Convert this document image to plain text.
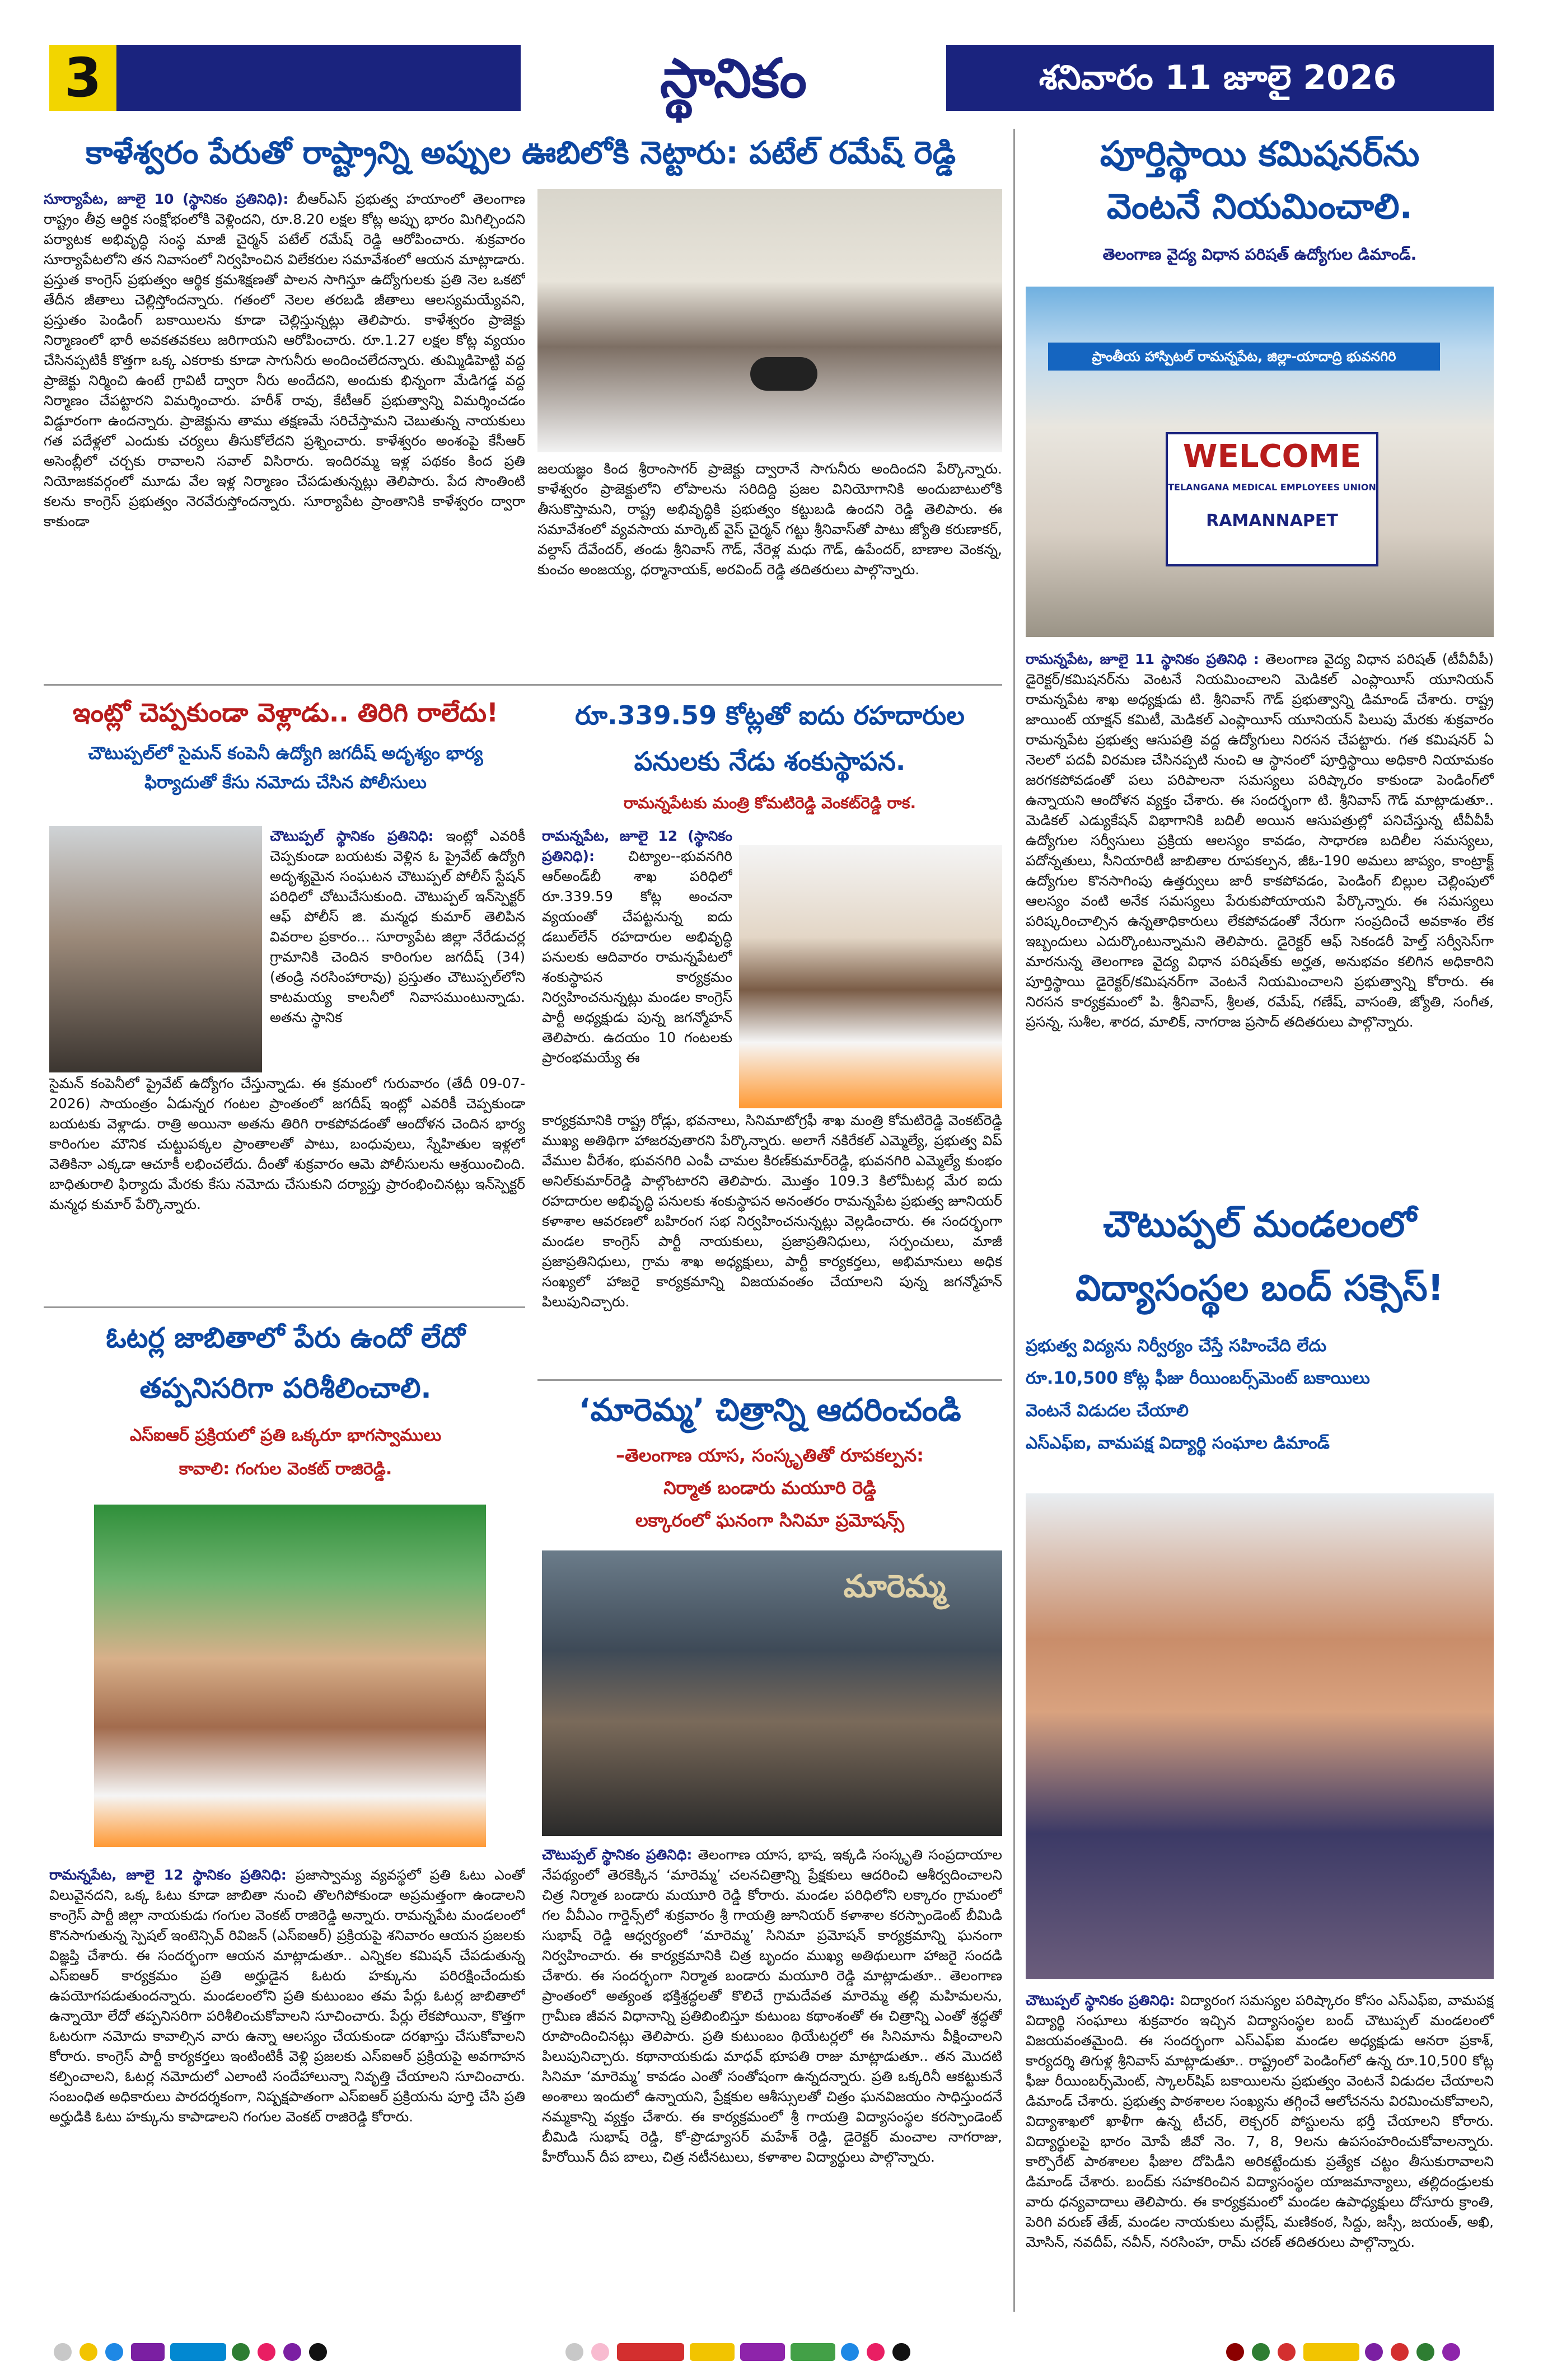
3	స్థానికం	శనివారం 11 జూలై 2026
కాళేశ్వరం పేరుతో రాష్ట్రాన్ని అప్పుల ఊబిలోకి నెట్టారు: పటేల్ రమేష్ రెడ్డి
సూర్యాపేట, జూలై 10 (స్థానికం ప్రతినిధి): బీఆర్ఎస్ ప్రభుత్వ హయాంలో తెలంగాణ రాష్ట్రం తీవ్ర ఆర్థిక సంక్షోభంలోకి వెళ్లిందని, రూ.8.20 లక్షల కోట్ల అప్పు భారం మిగిల్చిందని పర్యాటక అభివృద్ధి సంస్థ మాజీ చైర్మన్ పటేల్ రమేష్ రెడ్డి ఆరోపించారు. శుక్రవారం సూర్యాపేటలోని తన నివాసంలో నిర్వహించిన విలేకరుల సమావేశంలో ఆయన మాట్లాడారు. ప్రస్తుత కాంగ్రెస్ ప్రభుత్వం ఆర్థిక క్రమశిక్షణతో పాలన సాగిస్తూ ఉద్యోగులకు ప్రతి నెల ఒకటో తేదీన జీతాలు చెల్లిస్తోందన్నారు. గతంలో నెలల తరబడి జీతాలు ఆలస్యమయ్యేవని, ప్రస్తుతం పెండింగ్ బకాయిలను కూడా చెల్లిస్తున్నట్లు తెలిపారు. కాళేశ్వరం ప్రాజెక్టు నిర్మాణంలో భారీ అవకతవకలు జరిగాయని ఆరోపించారు. రూ.1.27 లక్షల కోట్ల వ్యయం చేసినప్పటికీ కొత్తగా ఒక్క ఎకరాకు కూడా సాగునీరు అందించలేదన్నారు. తుమ్మిడిహెట్టి వద్ద ప్రాజెక్టు నిర్మించి ఉంటే గ్రావిటీ ద్వారా నీరు అందేదని, అందుకు భిన్నంగా మేడిగడ్డ వద్ద నిర్మాణం చేపట్టారని విమర్శించారు. హరీశ్ రావు, కేటీఆర్ ప్రభుత్వాన్ని విమర్శించడం విడ్డూరంగా ఉందన్నారు. ప్రాజెక్టును తాము తక్షణమే సరిచేస్తామని చెబుతున్న నాయకులు గత పదేళ్లలో ఎందుకు చర్యలు తీసుకోలేదని ప్రశ్నించారు. కాళేశ్వరం అంశంపై కేసీఆర్ అసెంబ్లీలో చర్చకు రావాలని సవాల్ విసిరారు. ఇందిరమ్మ ఇళ్ల పథకం కింద ప్రతి నియోజకవర్గంలో మూడు వేల ఇళ్ల నిర్మాణం చేపడుతున్నట్లు తెలిపారు. పేద సొంతింటి కలను కాంగ్రెస్ ప్రభుత్వం నెరవేరుస్తోందన్నారు. సూర్యాపేట ప్రాంతానికి కాళేశ్వరం ద్వారా కాకుండా
జలయజ్ఞం కింద శ్రీరాంసాగర్ ప్రాజెక్టు ద్వారానే సాగునీరు అందిందని పేర్కొన్నారు. కాళేశ్వరం ప్రాజెక్టులోని లోపాలను సరిదిద్ది ప్రజల వినియోగానికి అందుబాటులోకి తీసుకొస్తామని, రాష్ట్ర అభివృద్ధికి ప్రభుత్వం కట్టుబడి ఉందని రెడ్డి తెలిపారు. ఈ సమావేశంలో వ్యవసాయ మార్కెట్ వైస్ చైర్మన్ గట్టు శ్రీనివాస్‌తో పాటు జ్యోతి కరుణాకర్, వల్దాస్ దేవేందర్, తండు శ్రీనివాస్ గౌడ్, నేరెళ్ల మధు గౌడ్, ఉపేందర్, బాణాల వెంకన్న, కుంచం అంజయ్య, ధర్మానాయక్, అరవింద్ రెడ్డి తదితరులు పాల్గొన్నారు.
పూర్తిస్థాయి కమిషనర్‌ను
వెంటనే నియమించాలి.
తెలంగాణ వైద్య విధాన పరిషత్ ఉద్యోగుల డిమాండ్.
ప్రాంతీయ హాస్పిటల్ రామన్నపేట, జిల్లా-యాదాద్రి భువనగిరి
WELCOME
TELANGANA MEDICAL EMPLOYEES UNION
RAMANNAPET
రామన్నపేట, జూలై 11 స్థానికం ప్రతినిధి : తెలంగాణ వైద్య విధాన పరిషత్ (టీవీవీపీ) డైరెక్టర్/కమిషనర్‌ను వెంటనే నియమించాలని మెడికల్ ఎంప్లాయీస్ యూనియన్ రామన్నపేట శాఖ అధ్యక్షుడు టి. శ్రీనివాస్ గౌడ్ ప్రభుత్వాన్ని డిమాండ్ చేశారు. రాష్ట్ర జాయింట్ యాక్షన్ కమిటీ, మెడికల్ ఎంప్లాయీస్ యూనియన్ పిలుపు మేరకు శుక్రవారం రామన్నపేట ప్రభుత్వ ఆసుపత్రి వద్ద ఉద్యోగులు నిరసన చేపట్టారు. గత కమిషనర్ ఏ నెలలో పదవీ విరమణ చేసినప్పటి నుంచి ఆ స్థానంలో పూర్తిస్థాయి అధికారి నియామకం జరగకపోవడంతో పలు పరిపాలనా సమస్యలు పరిష్కారం కాకుండా పెండింగ్‌లో ఉన్నాయని ఆందోళన వ్యక్తం చేశారు. ఈ సందర్భంగా టి. శ్రీనివాస్ గౌడ్ మాట్లాడుతూ.. మెడికల్ ఎడ్యుకేషన్ విభాగానికి బదిలీ అయిన ఆసుపత్రుల్లో పనిచేస్తున్న టీవీవీపీ ఉద్యోగుల సర్వీసులు ప్రక్రియ ఆలస్యం కావడం, సాధారణ బదిలీల సమస్యలు, పదోన్నతులు, సీనియారిటీ జాబితాల రూపకల్పన, జీఓ-190 అమలు జాప్యం, కాంట్రాక్ట్ ఉద్యోగుల కొనసాగింపు ఉత్తర్వులు జారీ కాకపోవడం, పెండింగ్ బిల్లుల చెల్లింపులో ఆలస్యం వంటి అనేక సమస్యలు పేరుకుపోయాయని పేర్కొన్నారు. ఈ సమస్యలు పరిష్కరించాల్సిన ఉన్నతాధికారులు లేకపోవడంతో నేరుగా సంప్రదించే అవకాశం లేక ఇబ్బందులు ఎదుర్కొంటున్నామని తెలిపారు. డైరెక్టర్ ఆఫ్ సెకండరీ హెల్త్ సర్వీసెస్‌గా మారనున్న తెలంగాణ వైద్య విధాన పరిషత్‌కు అర్హత, అనుభవం కలిగిన అధికారిని పూర్తిస్థాయి డైరెక్టర్/కమిషనర్‌గా వెంటనే నియమించాలని ప్రభుత్వాన్ని కోరారు. ఈ నిరసన కార్యక్రమంలో పి. శ్రీనివాస్, శ్రీలత, రమేష్, గణేష్, వాసంతి, జ్యోతి, సంగీత, ప్రసన్న, సుశీల, శారద, మాలిక్, నాగరాజ ప్రసాద్ తదితరులు పాల్గొన్నారు.
ఇంట్లో చెప్పకుండా వెళ్లాడు.. తిరిగి రాలేదు!
చౌటుప్పల్‌లో సైమన్ కంపెనీ ఉద్యోగి జగదీష్ అదృశ్యం భార్య ఫిర్యాదుతో కేసు నమోదు చేసిన పోలీసులు
చౌటుప్పల్ స్థానికం ప్రతినిధి: ఇంట్లో ఎవరికీ చెప్పకుండా బయటకు వెళ్లిన ఓ ప్రైవేట్ ఉద్యోగి అదృశ్యమైన సంఘటన చౌటుప్పల్ పోలీస్ స్టేషన్ పరిధిలో చోటుచేసుకుంది. చౌటుప్పల్ ఇన్‌స్పెక్టర్ ఆఫ్ పోలీస్ జి. మన్మధ కుమార్ తెలిపిన వివరాల ప్రకారం... సూర్యాపేట జిల్లా నేరేడుచర్ల గ్రామానికి చెందిన కారింగుల జగదీష్ (34) (తండ్రి నరసింహారావు) ప్రస్తుతం చౌటుప్పల్‌లోని కాటమయ్య కాలనీలో నివాసముంటున్నాడు. అతను స్థానిక
సైమన్ కంపెనీలో ప్రైవేట్ ఉద్యోగం చేస్తున్నాడు. ఈ క్రమంలో గురువారం (తేదీ 09-07-2026) సాయంత్రం ఏడున్నర గంటల ప్రాంతంలో జగదీష్ ఇంట్లో ఎవరికీ చెప్పకుండా బయటకు వెళ్లాడు. రాత్రి అయినా అతను తిరిగి రాకపోవడంతో ఆందోళన చెందిన భార్య కారింగుల మౌనిక చుట్టుపక్కల ప్రాంతాలతో పాటు, బంధువులు, స్నేహితుల ఇళ్లలో వెతికినా ఎక్కడా ఆచూకీ లభించలేదు. దీంతో శుక్రవారం ఆమె పోలీసులను ఆశ్రయించింది. బాధితురాలి ఫిర్యాదు మేరకు కేసు నమోదు చేసుకుని దర్యాప్తు ప్రారంభించినట్లు ఇన్‌స్పెక్టర్ మన్మధ కుమార్ పేర్కొన్నారు.
రూ.339.59 కోట్లతో ఐదు రహదారుల
పనులకు నేడు శంకుస్థాపన.
రామన్నపేటకు మంత్రి కోమటిరెడ్డి వెంకట్‌రెడ్డి రాక.
రామన్నపేట, జూలై 12 (స్థానికం ప్రతినిధి): చిట్యాల--భువనగిరి ఆర్అండ్‌బీ శాఖ పరిధిలో రూ.339.59 కోట్ల అంచనా వ్యయంతో చేపట్టనున్న ఐదు డబుల్‌లేన్ రహదారుల అభివృద్ధి పనులకు ఆదివారం రామన్నపేటలో శంకుస్థాపన కార్యక్రమం నిర్వహించనున్నట్లు మండల కాంగ్రెస్ పార్టీ అధ్యక్షుడు పున్న జగన్మోహన్ తెలిపారు. ఉదయం 10 గంటలకు ప్రారంభమయ్యే ఈ
కార్యక్రమానికి రాష్ట్ర రోడ్లు, భవనాలు, సినిమాటోగ్రఫీ శాఖ మంత్రి కోమటిరెడ్డి వెంకట్‌రెడ్డి ముఖ్య అతిథిగా హాజరవుతారని పేర్కొన్నారు. అలాగే నకిరేకల్ ఎమ్మెల్యే, ప్రభుత్వ విప్ వేముల వీరేశం, భువనగిరి ఎంపీ చామల కిరణ్‌కుమార్‌రెడ్డి, భువనగిరి ఎమ్మెల్యే కుంభం అనిల్‌కుమార్‌రెడ్డి పాల్గొంటారని తెలిపారు. మొత్తం 109.3 కిలోమీటర్ల మేర ఐదు రహదారుల అభివృద్ధి పనులకు శంకుస్థాపన అనంతరం రామన్నపేట ప్రభుత్వ జూనియర్ కళాశాల ఆవరణలో బహిరంగ సభ నిర్వహించనున్నట్లు వెల్లడించారు. ఈ సందర్భంగా మండల కాంగ్రెస్ పార్టీ నాయకులు, ప్రజాప్రతినిధులు, సర్పంచులు, మాజీ ప్రజాప్రతినిధులు, గ్రామ శాఖ అధ్యక్షులు, పార్టీ కార్యకర్తలు, అభిమానులు అధిక సంఖ్యలో హాజరై కార్యక్రమాన్ని విజయవంతం చేయాలని పున్న జగన్మోహన్ పిలుపునిచ్చారు.
చౌటుప్పల్ మండలంలో
విద్యాసంస్థల బంద్ సక్సెస్!
ప్రభుత్వ విద్యను నిర్వీర్యం చేస్తే సహించేది లేదు
రూ.10,500 కోట్ల ఫీజు రీయింబర్స్‌మెంట్ బకాయిలు
వెంటనే విడుదల చేయాలి
ఎస్ఎఫ్ఐ, వామపక్ష విద్యార్థి సంఘాల డిమాండ్
చౌటుప్పల్ స్థానికం ప్రతినిధి: విద్యారంగ సమస్యల పరిష్కారం కోసం ఎస్ఎఫ్ఐ, వామపక్ష విద్యార్థి సంఘాలు శుక్రవారం ఇచ్చిన విద్యాసంస్థల బంద్ చౌటుప్పల్ మండలంలో విజయవంతమైంది. ఈ సందర్భంగా ఎస్ఎఫ్ఐ మండల అధ్యక్షుడు ఆనరా ప్రకాశ్, కార్యదర్శి తిగుళ్ల శ్రీనివాస్ మాట్లాడుతూ.. రాష్ట్రంలో పెండింగ్‌లో ఉన్న రూ.10,500 కోట్ల ఫీజు రీయింబర్స్‌మెంట్, స్కాలర్‌షిప్ బకాయిలను ప్రభుత్వం వెంటనే విడుదల చేయాలని డిమాండ్ చేశారు. ప్రభుత్వ పాఠశాలల సంఖ్యను తగ్గించే ఆలోచనను విరమించుకోవాలని, విద్యాశాఖలో ఖాళీగా ఉన్న టీచర్, లెక్చరర్ పోస్టులను భర్తీ చేయాలని కోరారు. విద్యార్థులపై భారం మోపే జీవో నెం. 7, 8, 9లను ఉపసంహరించుకోవాలన్నారు. కార్పొరేట్ పాఠశాలల ఫీజుల దోపిడీని అరికట్టేందుకు ప్రత్యేక చట్టం తీసుకురావాలని డిమాండ్ చేశారు. బంద్‌కు సహకరించిన విద్యాసంస్థల యాజమాన్యాలు, తల్లిదండ్రులకు వారు ధన్యవాదాలు తెలిపారు. ఈ కార్యక్రమంలో మండల ఉపాధ్యక్షులు దోసూరు క్రాంతి, పెరిగి వరుణ్ తేజ్, మండల నాయకులు మల్లేష్, మణికంఠ, సిద్దు, జస్సీ, జయంత్, అఖి, మోసిన్, నవదీప్, నవీన్, నరసింహ, రామ్ చరణ్ తదితరులు పాల్గొన్నారు.
ఓటర్ల జాబితాలో పేరు ఉందో లేదో
తప్పనిసరిగా పరిశీలించాలి.
ఎస్ఐఆర్ ప్రక్రియలో ప్రతి ఒక్కరూ భాగస్వాములు
కావాలి: గంగుల వెంకట్ రాజిరెడ్డి.
రామన్నపేట, జూలై 12 స్థానికం ప్రతినిధి: ప్రజాస్వామ్య వ్యవస్థలో ప్రతి ఓటు ఎంతో విలువైనదని, ఒక్క ఓటు కూడా జాబితా నుంచి తొలగిపోకుండా అప్రమత్తంగా ఉండాలని కాంగ్రెస్ పార్టీ జిల్లా నాయకుడు గంగుల వెంకట్ రాజిరెడ్డి అన్నారు. రామన్నపేట మండలంలో కొనసాగుతున్న స్పెషల్ ఇంటెన్సివ్ రివిజన్ (ఎస్ఐఆర్) ప్రక్రియపై శనివారం ఆయన ప్రజలకు విజ్ఞప్తి చేశారు. ఈ సందర్భంగా ఆయన మాట్లాడుతూ.. ఎన్నికల కమిషన్ చేపడుతున్న ఎస్ఐఆర్ కార్యక్రమం ప్రతి అర్హుడైన ఓటరు హక్కును పరిరక్షించేందుకు ఉపయోగపడుతుందన్నారు. మండలంలోని ప్రతి కుటుంబం తమ పేర్లు ఓటర్ల జాబితాలో ఉన్నాయో లేదో తప్పనిసరిగా పరిశీలించుకోవాలని సూచించారు. పేర్లు లేకపోయినా, కొత్తగా ఓటరుగా నమోదు కావాల్సిన వారు ఉన్నా ఆలస్యం చేయకుండా దరఖాస్తు చేసుకోవాలని కోరారు. కాంగ్రెస్ పార్టీ కార్యకర్తలు ఇంటింటికీ వెళ్లి ప్రజలకు ఎస్ఐఆర్ ప్రక్రియపై అవగాహన కల్పించాలని, ఓటర్ల నమోదులో ఎలాంటి సందేహాలున్నా నివృత్తి చేయాలని సూచించారు. సంబంధిత అధికారులు పారదర్శకంగా, నిష్పక్షపాతంగా ఎస్ఐఆర్ ప్రక్రియను పూర్తి చేసి ప్రతి అర్హుడికి ఓటు హక్కును కాపాడాలని గంగుల వెంకట్ రాజిరెడ్డి కోరారు.
‘మారెమ్మ’ చిత్రాన్ని ఆదరించండి
–తెలంగాణ యాస, సంస్కృతితో రూపకల్పన:
నిర్మాత బండారు మయూరి రెడ్డి
లక్కారంలో ఘనంగా సినిమా ప్రమోషన్స్
మారెమ్మ
చౌటుప్పల్ స్థానికం ప్రతినిధి: తెలంగాణ యాస, భాష, ఇక్కడి సంస్కృతి సంప్రదాయాల నేపథ్యంలో తెరకెక్కిన ‘మారెమ్మ’ చలనచిత్రాన్ని ప్రేక్షకులు ఆదరించి ఆశీర్వదించాలని చిత్ర నిర్మాత బండారు మయూరి రెడ్డి కోరారు. మండల పరిధిలోని లక్కారం గ్రామంలో గల వీవీఎం గార్డెన్స్‌లో శుక్రవారం శ్రీ గాయత్రి జూనియర్ కళాశాల కరస్పాండెంట్ బీమిడి సుభాష్ రెడ్డి ఆధ్వర్యంలో ‘మారెమ్మ’ సినిమా ప్రమోషన్ కార్యక్రమాన్ని ఘనంగా నిర్వహించారు. ఈ కార్యక్రమానికి చిత్ర బృందం ముఖ్య అతిథులుగా హాజరై సందడి చేశారు. ఈ సందర్భంగా నిర్మాత బండారు మయూరి రెడ్డి మాట్లాడుతూ.. తెలంగాణ ప్రాంతంలో అత్యంత భక్తిశ్రద్ధలతో కొలిచే గ్రామదేవత మారెమ్మ తల్లి మహిమలను, గ్రామీణ జీవన విధానాన్ని ప్రతిబింబిస్తూ కుటుంబ కథాంశంతో ఈ చిత్రాన్ని ఎంతో శ్రద్ధతో రూపొందించినట్లు తెలిపారు. ప్రతి కుటుంబం థియేటర్లలో ఈ సినిమాను వీక్షించాలని పిలుపునిచ్చారు. కథానాయకుడు మాధవ్ భూపతి రాజు మాట్లాడుతూ.. తన మొదటి సినిమా ‘మారెమ్మ’ కావడం ఎంతో సంతోషంగా ఉన్నదన్నారు. ప్రతి ఒక్కరినీ ఆకట్టుకునే అంశాలు ఇందులో ఉన్నాయని, ప్రేక్షకుల ఆశీస్సులతో చిత్రం ఘనవిజయం సాధిస్తుందనే నమ్మకాన్ని వ్యక్తం చేశారు. ఈ కార్యక్రమంలో శ్రీ గాయత్రి విద్యాసంస్థల కరస్పాండెంట్ బీమిడి సుభాష్ రెడ్డి, కో-ప్రొడ్యూసర్ మహేశ్ రెడ్డి, డైరెక్టర్ మంచాల నాగరాజు, హీరోయిన్ దీప బాలు, చిత్ర నటీనటులు, కళాశాల విద్యార్థులు పాల్గొన్నారు.
